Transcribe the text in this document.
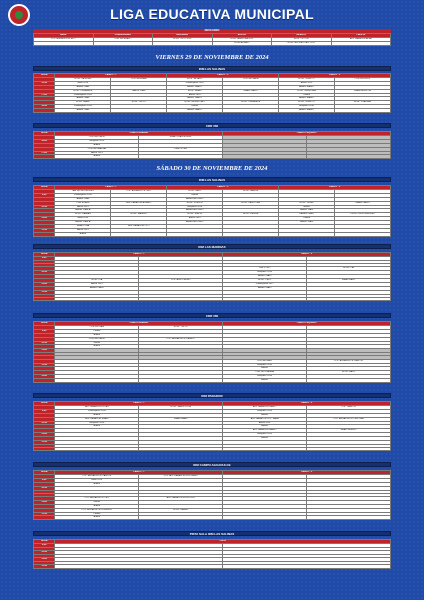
LIGA EDUCATIVA MUNICIPAL
DESCANSO
BEBÉ	PREBENJAMÍN	BENJAMÍN	ALEVÍN	INFANTIL	CADETE
POL. AGUADULCE BE 2	CDR 360 BRAVO	ROSL TOCO 2016	ROSL GARGORA 2013	ROSL VICTOR	ADP PARADOR ALBA
			ROSL ALVARO	ROSL NIKOLAS CALL 2011	
VIERNES 29 DE NOVIEMBRE DE 2024
IDM LAS SALINAS
HORA	CAMPO - 1		CAMPO - 2		CAMPO - 3	
	ROSL. FA-ELIAN	CDR 360 ADAM	ROSL. ALVARO	CDR 360 MALA	ROSL. GURETTI	CDR 360 FELIX
15:30	Bebé 2019		Prebenjamín 2018		Alevín 2014	
	Árbitro: IVAN		Árbitro: PABLO		Árbitro: MARIO	
	ROSL. ORNAKATE	MAKIS JUAN	ROSL. BRAIS	SMAKI PABLO	ROSL. GEMOGRA	SMAKI AGUSTIN
17:00	Prebenjamín 2018		Alevín 2014		Cadete	
	Árbitro: IVAN		Árbitro: PABLO		Árbitro: MARIO	
	ROSL. MARE	ROSL. TELLO	ROSL. MIGUE CALL	ROSL. ORNAKATE	ROSL. GURETTI	ROSL. JUAN AMI
18:30	Prebenjamín 2018		Infantil		Benjamín 2016	
	Árbitro: IVAN		Árbitro: PABLO		Árbitro: MARIO	
CDR 360
HORA	CAMPO GRANDE		CAMPO PEQUEÑO	
	CDR 360 DAVID	SMAKI JUAN MIGUEL		
16:00	Benjamín 2015			
	Árbitro			
	CDR 360 MARINA	DAS PETER		
17:00	Alevín 2013			
	Árbitro			
SÁBADO 30 DE NOVIEMBRE DE 2024
IDM LAS SALINAS
HORA	CAMPO - 1		CAMPO - 2		CAMPO - 3	
	TAM 360 RODRIGUEZ	POL. AGUADULCE CHIC	ROSL. RAUL	ROSL. MAGUE		
9:00	Prebenjamín 2018		Infantil			
	Árbitro: IVAN		Árbitro: ANTONIO			
	CDR RUBEN	ADP PARADOR ALVARO	ROSL. FUENTE	ROSL. DAVID CAN	ROSL. DENIS	SMAKI PABLO
10:30	Alevín 2013		Benjamín 2016		Infantil	
	Árbitro: CARLA		Árbitro: ANTONIO		Árbitro: IVAN	
	ROSL. DAMIÁN	ROSL. MANUEL	ROSL. SIMÓN	ROSL. DENISE	DANIEL CARU	TEXS LOS RODRIGUEZ
12:00	Bebé 2019		Alevín 2014		Cadete	
	Árbitro: CARLA		Árbitro: ANTONIO		Árbitro: IVAN	
	SMAKI TINA	ADP PARADOR OTO				
13:30	Alevín 2013					
	Árbitro					
IDM LAS MARINAS
HORA	CAMPO - 1		CAMPO - 2	
9:00				

			CHILL CEO	ROSL. PIA
10:30			Benjamín 2016	
			Árbitro: IÑAKI	
	ROSL. PIA	POL. AGU. PEDRO	ROSL. CELO	SMAKI RAUL
12:00	Alevín 2013		Prebenjamín 2017	
	Árbitro: PABLI		Árbitro: IÑAKI	
13:30				

CDR 360
HORA	CAMPO GRANDE		CAMPO PEQUEÑO	
	CDR 360 SAM	ROSL. TELLO		
9:00	Cadete			
	Árbitro			
	CDR 360 DAVID	POL. AGUADULCE DANIDO		
10:30	Infantil			
	Árbitro			
12:00				

			CDR 360 RAÚL	POL. AGUADULCE CARLOS
13:30			Benjamín 2016	
			Árbitro	
			CDR 360 JUANMA	ROSL. RAUL
15:00			Benjamín 2016	
			Árbitro	
IDM PARADOR
HORA	CAMPO - 1		CAMPO - 2	
	ADP PARADOR LUCAS	ROSL. MAKIS LUCA	ADP PARADOR PABLO	POL. CARLOS
9:00	Prebenjamín 2018		Benjamín 2016	
	Árbitro		Árbitro	
	ADP PARADOR SMAKI	SMAKI MARK	ADP PARADOR POL. SARA	POL. AGUADULCE CRISTINA
10:30	Benjamín 2016		Alevín 2014	
	Árbitro		Árbitro	
			ADP PARADOR MARIO	SMAKI SERGIO
12:00			Benjamín 2015	
			Árbitro	
13:30				

IDM CAMPO AGUADULCE
HORA	CAMPO - 1		CAMPO - 2	
	POL. AGUADULCE CARLOS	POL. ADP PARADOR 2016 GEMO		
9:00	Bebé 2019			
	Árbitro			
10:30				

	POL. AGUADULCE CEO	ADP PARADOR FLURI 2015		
12:00	Infantil			
	Árbitro			
	POL. AGUADULCE DOMINGO	ROSL. DANIEL		
13:30	Cadete			
	Árbitro			
PISTA SALA IDM LAS SALINAS
HORA	PISTA	
9:00		

10:30		

12:00		

13:30		
